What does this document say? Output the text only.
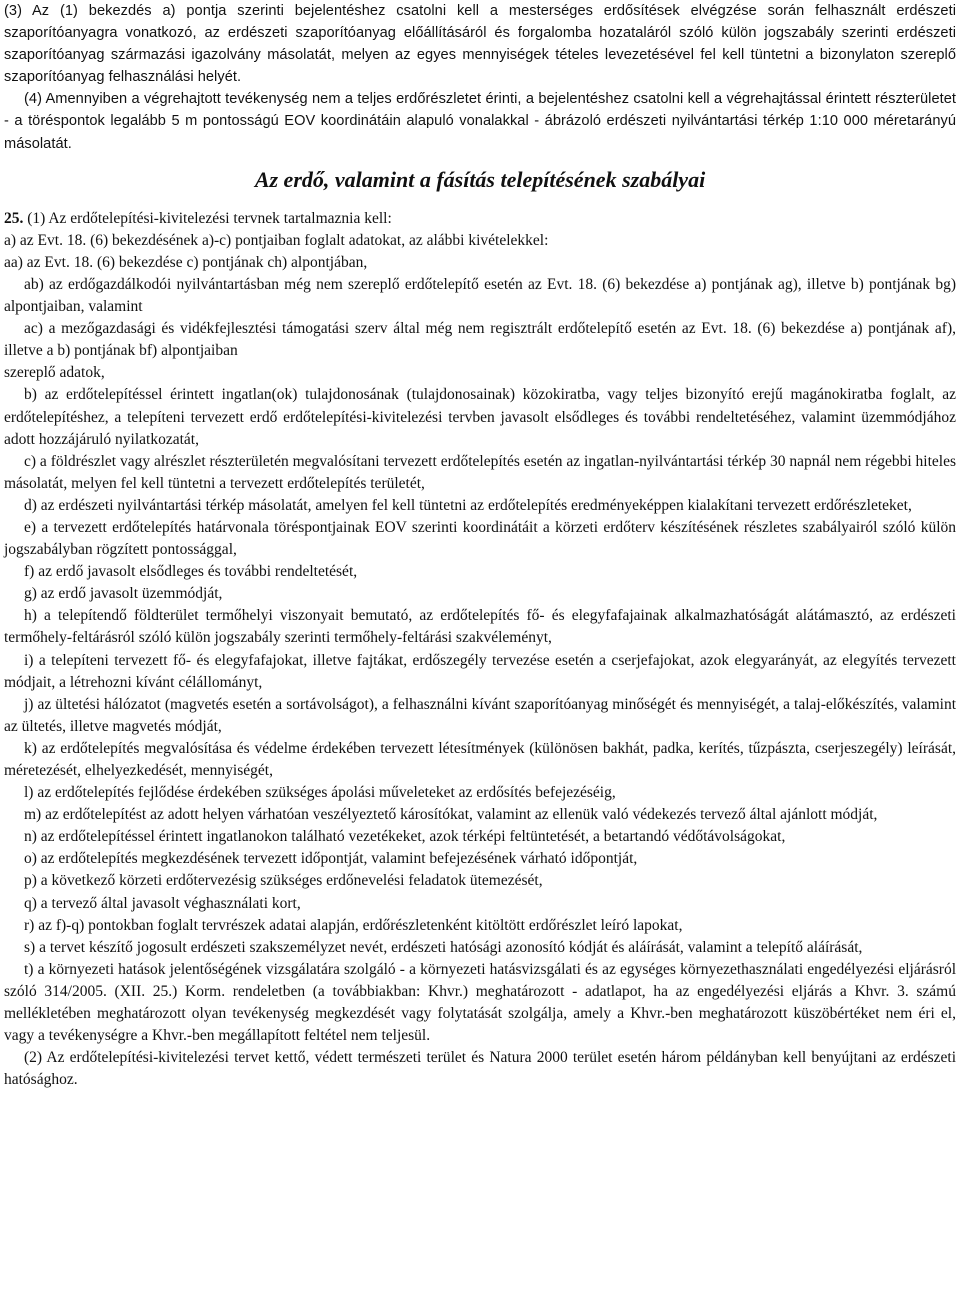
(3) Az (1) bekezdés a) pontja szerinti bejelentéshez csatolni kell a mesterséges erdősítések elvégzése során felhasznált erdészeti szaporítóanyagra vonatkozó, az erdészeti szaporítóanyag előállításáról és forgalomba hozataláról szóló külön jogszabály szerinti erdészeti szaporítóanyag származási igazolvány másolatát, melyen az egyes mennyiségek tételes levezetésével fel kell tüntetni a bizonylaton szereplő szaporítóanyag felhasználási helyét.

(4) Amennyiben a végrehajtott tevékenység nem a teljes erdőrészletet érinti, a bejelentéshez csatolni kell a végrehajtással érintett részterületet - a töréspontok legalább 5 m pontosságú EOV koordinátáin alapuló vonalakkal - ábrázoló erdészeti nyilvántartási térkép 1:10 000 méretarányú másolatát.

Az erdő, valamint a fásítás telepítésének szabályai

25. (1) Az erdőtelepítési-kivitelezési tervnek tartalmaznia kell:

a) az Evt. 18. (6) bekezdésének a)-c) pontjaiban foglalt adatokat, az alábbi kivételekkel:

aa) az Evt. 18. (6) bekezdése c) pontjának ch) alpontjában,

ab) az erdőgazdálkodói nyilvántartásban még nem szereplő erdőtelepítő esetén az Evt. 18. (6) bekezdése a) pontjának ag), illetve b) pontjának bg) alpontjaiban, valamint

ac) a mezőgazdasági és vidékfejlesztési támogatási szerv által még nem regisztrált erdőtelepítő esetén az Evt. 18. (6) bekezdése a) pontjának af), illetve a b) pontjának bf) alpontjaiban

szereplő adatok,

b) az erdőtelepítéssel érintett ingatlan(ok) tulajdonosának (tulajdonosainak) közokiratba, vagy teljes bizonyító erejű magánokiratba foglalt, az erdőtelepítéshez, a telepíteni tervezett erdő erdőtelepítési-kivitelezési tervben javasolt elsődleges és további rendeltetéséhez, valamint üzemmódjához adott hozzájáruló nyilatkozatát,

c) a földrészlet vagy alrészlet részterületén megvalósítani tervezett erdőtelepítés esetén az ingatlan-nyilvántartási térkép 30 napnál nem régebbi hiteles másolatát, melyen fel kell tüntetni a tervezett erdőtelepítés területét,

d) az erdészeti nyilvántartási térkép másolatát, amelyen fel kell tüntetni az erdőtelepítés eredményeképpen kialakítani tervezett erdőrészleteket,

e) a tervezett erdőtelepítés határvonala töréspontjainak EOV szerinti koordinátáit a körzeti erdőterv készítésének részletes szabályairól szóló külön jogszabályban rögzített pontossággal,

f) az erdő javasolt elsődleges és további rendeltetését,

g) az erdő javasolt üzemmódját,

h) a telepítendő földterület termőhelyi viszonyait bemutató, az erdőtelepítés fő- és elegyfafajainak alkalmazhatóságát alátámasztó, az erdészeti termőhely-feltárásról szóló külön jogszabály szerinti termőhely-feltárási szakvéleményt,

i) a telepíteni tervezett fő- és elegyfafajokat, illetve fajtákat, erdőszegély tervezése esetén a cserjefajokat, azok elegyarányát, az elegyítés tervezett módjait, a létrehozni kívánt célállományt,

j) az ültetési hálózatot (magvetés esetén a sortávolságot), a felhasználni kívánt szaporítóanyag minőségét és mennyiségét, a talaj-előkészítés, valamint az ültetés, illetve magvetés módját,

k) az erdőtelepítés megvalósítása és védelme érdekében tervezett létesítmények (különösen bakhát, padka, kerítés, tűzpászta, cserjeszegély) leírását, méretezését, elhelyezkedését, mennyiségét,

l) az erdőtelepítés fejlődése érdekében szükséges ápolási műveleteket az erdősítés befejezéséig,

m) az erdőtelepítést az adott helyen várhatóan veszélyeztető károsítókat, valamint az ellenük való védekezés tervező által ajánlott módját,

n) az erdőtelepítéssel érintett ingatlanokon található vezetékeket, azok térképi feltüntetését, a betartandó védőtávolságokat,

o) az erdőtelepítés megkezdésének tervezett időpontját, valamint befejezésének várható időpontját,

p) a következő körzeti erdőtervezésig szükséges erdőnevelési feladatok ütemezését,

q) a tervező által javasolt véghasználati kort,

r) az f)-q) pontokban foglalt tervrészek adatai alapján, erdőrészletenként kitöltött erdőrészlet leíró lapokat,

s) a tervet készítő jogosult erdészeti szakszemélyzet nevét, erdészeti hatósági azonosító kódját és aláírását, valamint a telepítő aláírását,

t) a környezeti hatások jelentőségének vizsgálatára szolgáló - a környezeti hatásvizsgálati és az egységes környezethasználati engedélyezési eljárásról szóló 314/2005. (XII. 25.) Korm. rendeletben (a továbbiakban: Khvr.) meghatározott - adatlapot, ha az engedélyezési eljárás a Khvr. 3. számú mellékletében meghatározott olyan tevékenység megkezdését vagy folytatását szolgálja, amely a Khvr.-ben meghatározott küszöbértéket nem éri el, vagy a tevékenységre a Khvr.-ben megállapított feltétel nem teljesül.

(2) Az erdőtelepítési-kivitelezési tervet kettő, védett természeti terület és Natura 2000 terület esetén három példányban kell benyújtani az erdészeti hatósághoz.
